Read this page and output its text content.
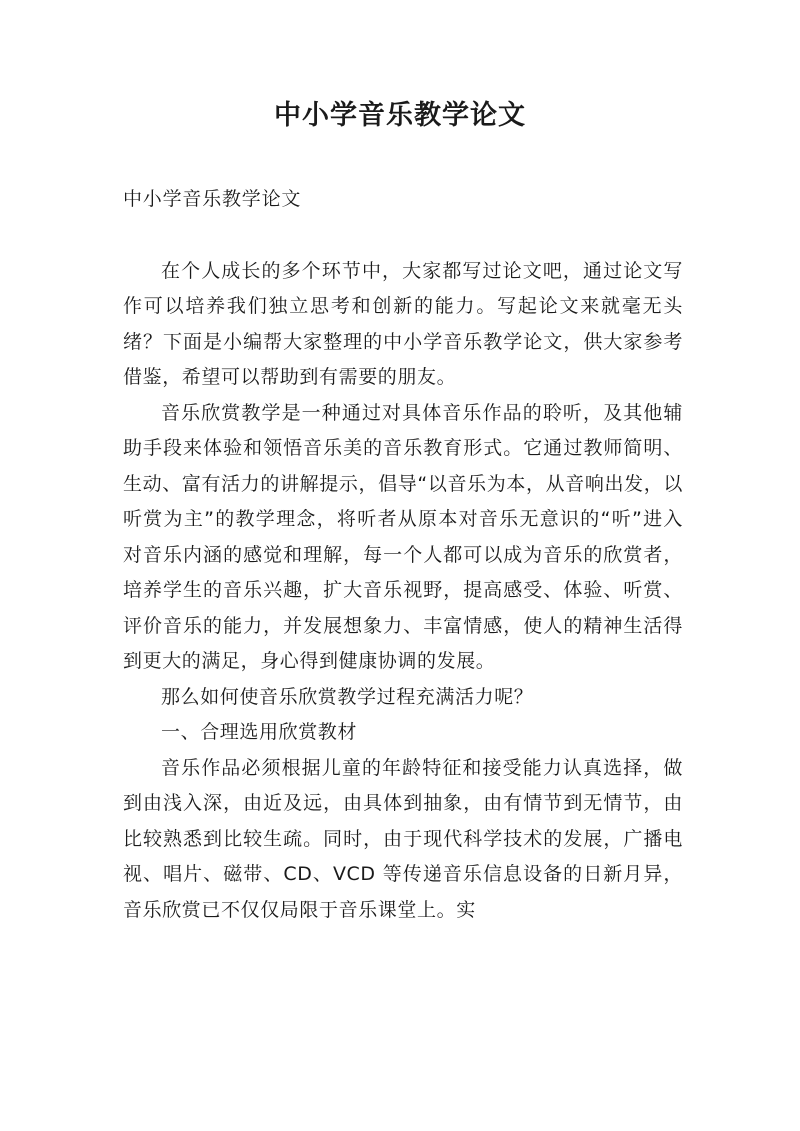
中小学音乐教学论文

中小学音乐教学论文

在个人成长的多个环节中，大家都写过论文吧，通过论文写作可以培养我们独立思考和创新的能力。写起论文来就毫无头绪？下面是小编帮大家整理的中小学音乐教学论文，供大家参考借鉴，希望可以帮助到有需要的朋友。

音乐欣赏教学是一种通过对具体音乐作品的聆听，及其他辅助手段来体验和领悟音乐美的音乐教育形式。它通过教师简明、生动、富有活力的讲解提示，倡导“以音乐为本，从音响出发，以听赏为主”的教学理念，将听者从原本对音乐无意识的“听”进入对音乐内涵的感觉和理解，每一个人都可以成为音乐的欣赏者，培养学生的音乐兴趣，扩大音乐视野，提高感受、体验、听赏、评价音乐的能力，并发展想象力、丰富情感，使人的精神生活得到更大的满足，身心得到健康协调的发展。

那么如何使音乐欣赏教学过程充满活力呢？

一、合理选用欣赏教材

音乐作品必须根据儿童的年龄特征和接受能力认真选择，做到由浅入深，由近及远，由具体到抽象，由有情节到无情节，由比较熟悉到比较生疏。同时，由于现代科学技术的发展，广播电视、唱片、磁带、CD、VCD 等传递音乐信息设备的日新月异，音乐欣赏已不仅仅局限于音乐课堂上。实
